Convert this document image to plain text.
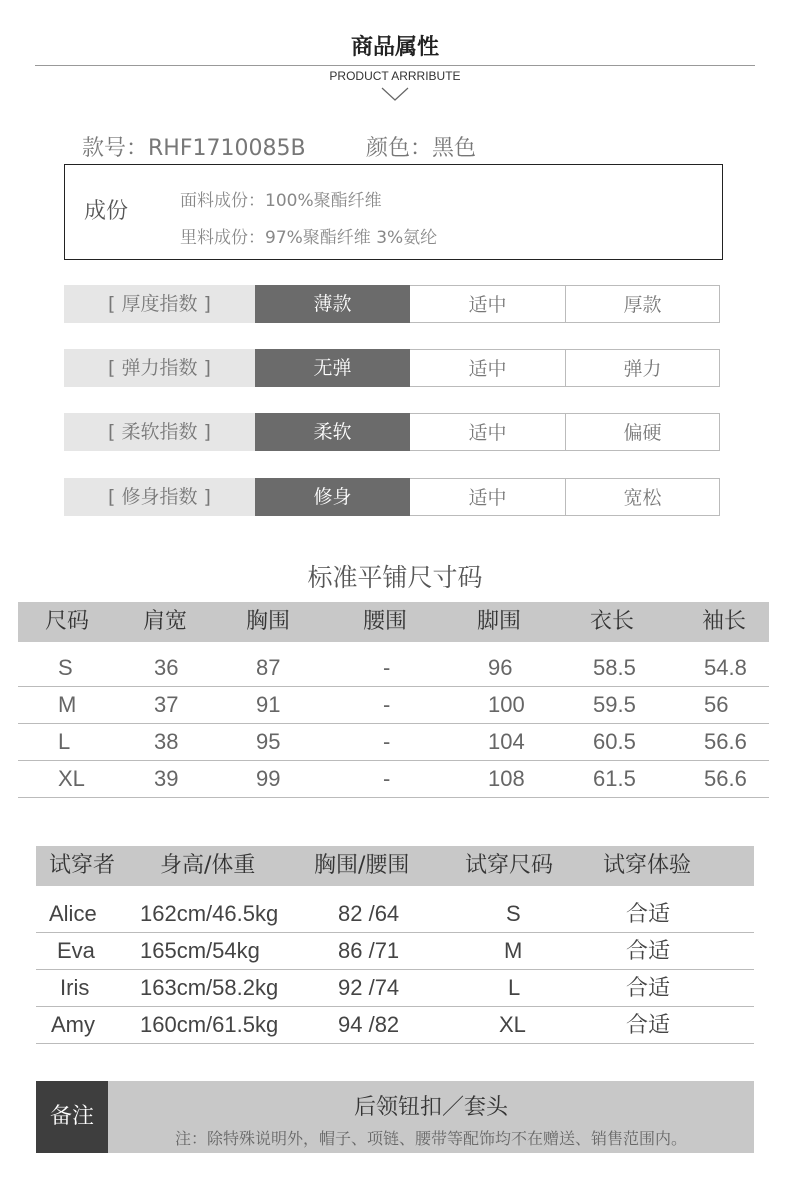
商品属性
PRODUCT ARRRIBUTE
款号：RHF1710085B	颜色：黑色
成份	面料成份：100%聚酯纤维
里料成份：97%聚酯纤维 3%氨纶
[ 厚度指数 ]	薄款	适中	厚款
[ 弹力指数 ]	无弹	适中	弹力
[ 柔软指数 ]	柔软	适中	偏硬
[ 修身指数 ]	修身	适中	宽松
标准平铺尺寸码
尺码 肩宽	胸围	腰围	脚围	衣长	袖长
S	36	87	-	96	58.5	54.8
M	37	91	-	100	59.5	56
L	38	95	-	104	60.5	56.6
XL	39	99	-	108	61.5	56.6
试穿者 身高/体重	胸围/腰围	试穿尺码 试穿体验
Alice 162cm/46.5kg	82 /64	S	合适
Eva 165cm/54kg	86 /71	M	合适
Iris 163cm/58.2kg	92 /74	L	合适
Amy 160cm/61.5kg	94 /82	XL	合适
备注	后领钮扣／套头
注：除特殊说明外，帽子、项链、腰带等配饰均不在赠送、销售范围内。
